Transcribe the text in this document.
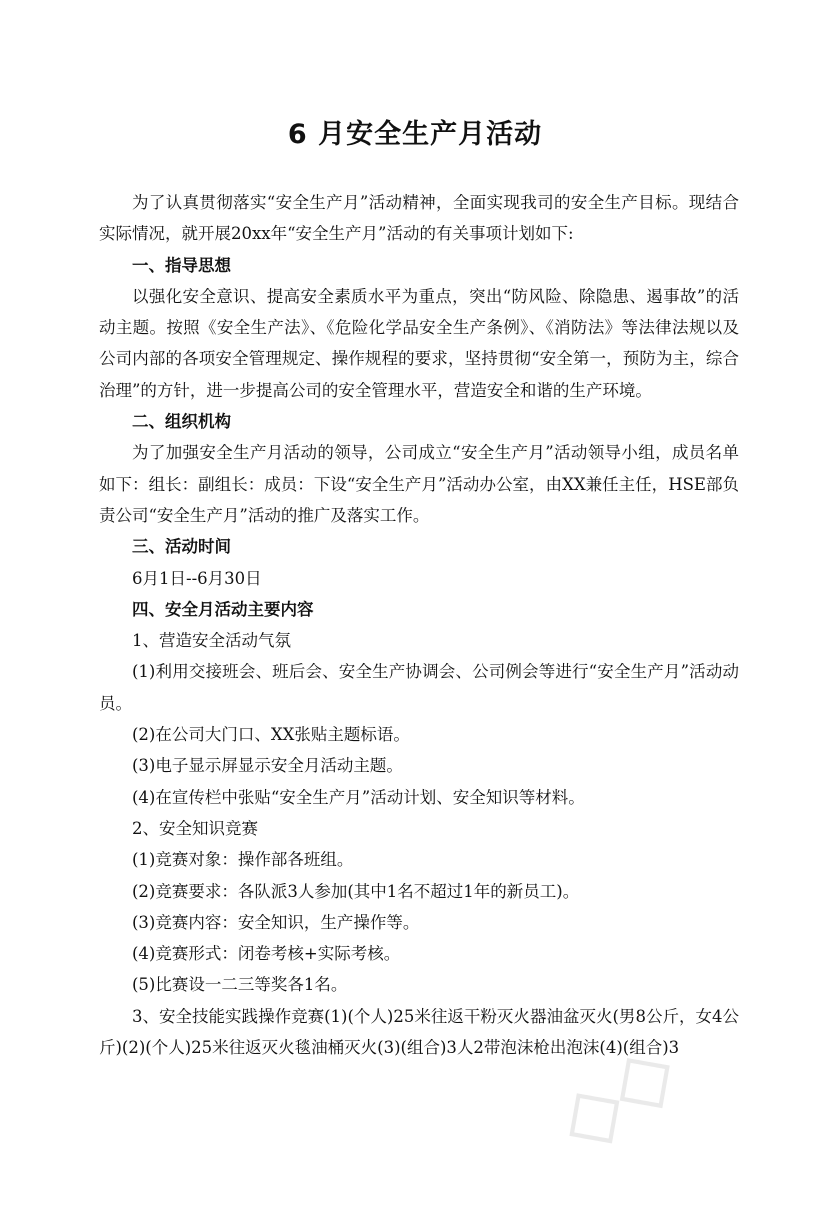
6 月安全生产月活动

为了认真贯彻落实“安全生产月”活动精神，全面实现我司的安全生产目标。现结合实际情况，就开展20xx年“安全生产月”活动的有关事项计划如下:

一、指导思想

以强化安全意识、提高安全素质水平为重点，突出“防风险、除隐患、遏事故”的活动主题。按照《安全生产法》、《危险化学品安全生产条例》、《消防法》等法律法规以及公司内部的各项安全管理规定、操作规程的要求，坚持贯彻“安全第一，预防为主，综合治理”的方针，进一步提高公司的安全管理水平，营造安全和谐的生产环境。

二、组织机构

为了加强安全生产月活动的领导，公司成立“安全生产月”活动领导小组，成员名单如下：组长：副组长：成员：下设“安全生产月”活动办公室，由XX兼任主任，HSE部负责公司“安全生产月”活动的推广及落实工作。

三、活动时间

6月1日--6月30日

四、安全月活动主要内容

1、营造安全活动气氛

(1)利用交接班会、班后会、安全生产协调会、公司例会等进行“安全生产月”活动动员。

(2)在公司大门口、XX张贴主题标语。

(3)电子显示屏显示安全月活动主题。

(4)在宣传栏中张贴“安全生产月”活动计划、安全知识等材料。

2、安全知识竞赛

(1)竞赛对象：操作部各班组。

(2)竞赛要求：各队派3人参加(其中1名不超过1年的新员工)。

(3)竞赛内容：安全知识，生产操作等。

(4)竞赛形式：闭卷考核+实际考核。

(5)比赛设一二三等奖各1名。

3、安全技能实践操作竞赛(1)(个人)25米往返干粉灭火器油盆灭火(男8公斤，女4公斤)(2)(个人)25米往返灭火毯油桶灭火(3)(组合)3人2带泡沫枪出泡沫(4)(组合)3

◇◇
